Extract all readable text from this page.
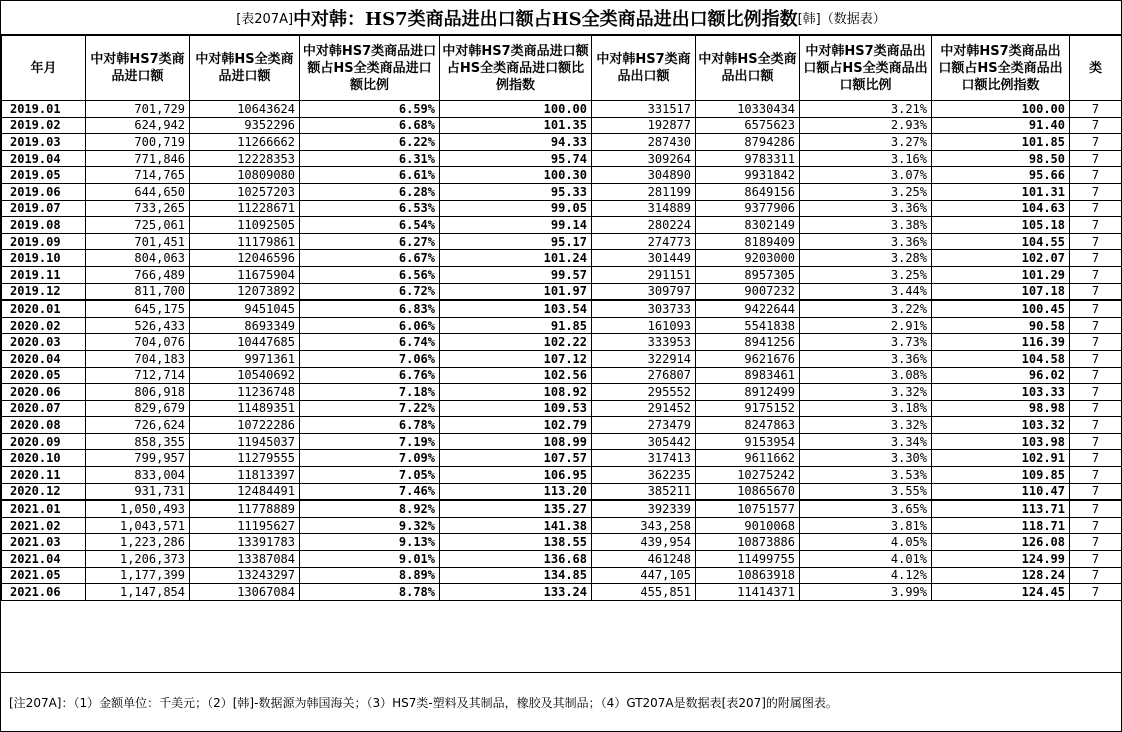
[表207A] 中对韩：HS7类商品进出口额占HS全类商品进出口额比例指数 [韩] （数据表）
年月	中对韩HS7类商品进口额	中对韩HS全类商品进口额	中对韩HS7类商品进口额占HS全类商品进口额比例	中对韩HS7类商品进口额占HS全类商品进口额比例指数	中对韩HS7类商品出口额	中对韩HS全类商品出口额	中对韩HS7类商品出口额占HS全类商品出口额比例	中对韩HS7类商品出口额占HS全类商品出口额比例指数	类
2019.01	701,729	10643624	6.59%	100.00	331517	10330434	3.21%	100.00	7
2019.02	624,942	9352296	6.68%	101.35	192877	6575623	2.93%	91.40	7
2019.03	700,719	11266662	6.22%	94.33	287430	8794286	3.27%	101.85	7
2019.04	771,846	12228353	6.31%	95.74	309264	9783311	3.16%	98.50	7
2019.05	714,765	10809080	6.61%	100.30	304890	9931842	3.07%	95.66	7
2019.06	644,650	10257203	6.28%	95.33	281199	8649156	3.25%	101.31	7
2019.07	733,265	11228671	6.53%	99.05	314889	9377906	3.36%	104.63	7
2019.08	725,061	11092505	6.54%	99.14	280224	8302149	3.38%	105.18	7
2019.09	701,451	11179861	6.27%	95.17	274773	8189409	3.36%	104.55	7
2019.10	804,063	12046596	6.67%	101.24	301449	9203000	3.28%	102.07	7
2019.11	766,489	11675904	6.56%	99.57	291151	8957305	3.25%	101.29	7
2019.12	811,700	12073892	6.72%	101.97	309797	9007232	3.44%	107.18	7
2020.01	645,175	9451045	6.83%	103.54	303733	9422644	3.22%	100.45	7
2020.02	526,433	8693349	6.06%	91.85	161093	5541838	2.91%	90.58	7
2020.03	704,076	10447685	6.74%	102.22	333953	8941256	3.73%	116.39	7
2020.04	704,183	9971361	7.06%	107.12	322914	9621676	3.36%	104.58	7
2020.05	712,714	10540692	6.76%	102.56	276807	8983461	3.08%	96.02	7
2020.06	806,918	11236748	7.18%	108.92	295552	8912499	3.32%	103.33	7
2020.07	829,679	11489351	7.22%	109.53	291452	9175152	3.18%	98.98	7
2020.08	726,624	10722286	6.78%	102.79	273479	8247863	3.32%	103.32	7
2020.09	858,355	11945037	7.19%	108.99	305442	9153954	3.34%	103.98	7
2020.10	799,957	11279555	7.09%	107.57	317413	9611662	3.30%	102.91	7
2020.11	833,004	11813397	7.05%	106.95	362235	10275242	3.53%	109.85	7
2020.12	931,731	12484491	7.46%	113.20	385211	10865670	3.55%	110.47	7
2021.01	1,050,493	11778889	8.92%	135.27	392339	10751577	3.65%	113.71	7
2021.02	1,043,571	11195627	9.32%	141.38	343,258	9010068	3.81%	118.71	7
2021.03	1,223,286	13391783	9.13%	138.55	439,954	10873886	4.05%	126.08	7
2021.04	1,206,373	13387084	9.01%	136.68	461248	11499755	4.01%	124.99	7
2021.05	1,177,399	13243297	8.89%	134.85	447,105	10863918	4.12%	128.24	7
2021.06	1,147,854	13067084	8.78%	133.24	455,851	11414371	3.99%	124.45	7
[注207A]：（1）金额单位：千美元；（2）[韩]-数据源为韩国海关；（3）HS7类-塑料及其制品，橡胶及其制品；（4）GT207A是数据表[表207]的附属图表。
